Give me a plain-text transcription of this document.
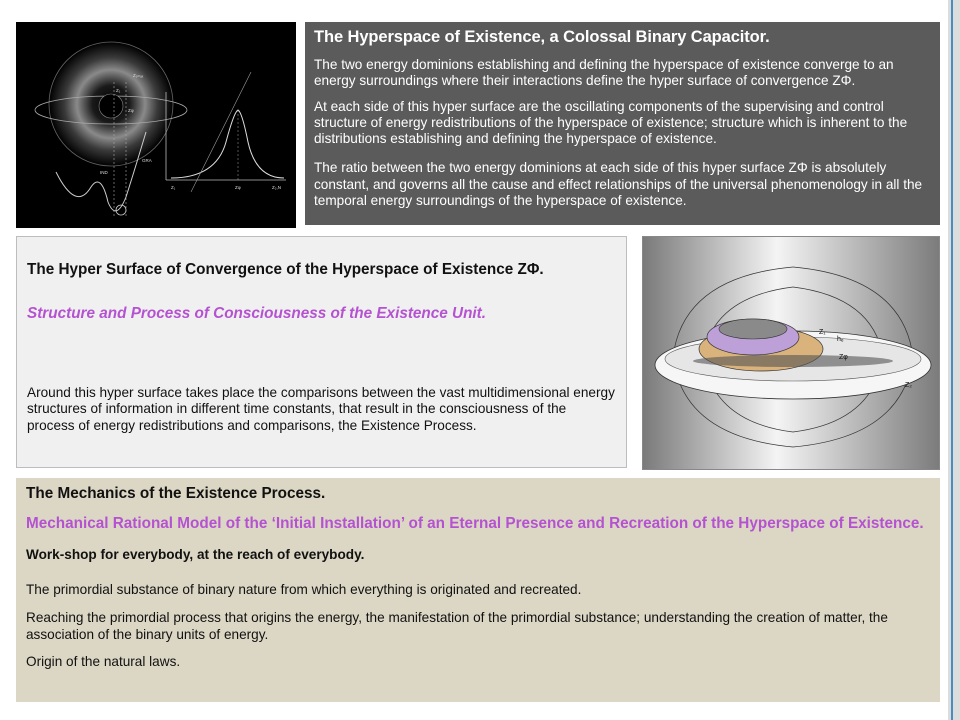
Z₁ₘₐₓ
Z₁
Zφ
GRA
IND
Z₁	Zφ	Z₂,N
The Hyperspace of Existence, a Colossal Binary Capacitor.

The two energy dominions establishing and defining the hyperspace of existence converge to an energy surroundings where their interactions define the hyper surface of convergence ZΦ.

At each side of this hyper surface are the oscillating components of the supervising and control structure of energy redistributions of the hyperspace of existence; structure which is inherent to the distributions establishing and defining the hyperspace of existence.

The ratio between the two energy dominions at each side of this hyper surface ZΦ is absolutely constant, and governs all the cause and effect relationships of the universal phenomenology in all the temporal energy surroundings of the hyperspace of existence.

The Hyper Surface of Convergence of the Hyperspace of Existence ZΦ.
Structure and Process of Consciousness of the Existence Unit.

Around this hyper surface takes place the comparisons between the vast multidimensional energy structures of information in different time constants, that result in the consciousness of the process of energy redistributions and comparisons, the Existence Process.

Z₁
hₑ
Zφ
Z₂
The Mechanics of the Existence Process.
Mechanical Rational Model of the ‘Initial Installation’ of an Eternal Presence and Recreation of the Hyperspace of Existence.
Work-shop for everybody, at the reach of everybody.

The primordial substance of binary nature from which everything is originated and recreated.

Reaching the primordial process that origins the energy, the manifestation of the primordial substance; understanding the creation of matter, the association of the binary units of energy.

Origin of the natural laws.
